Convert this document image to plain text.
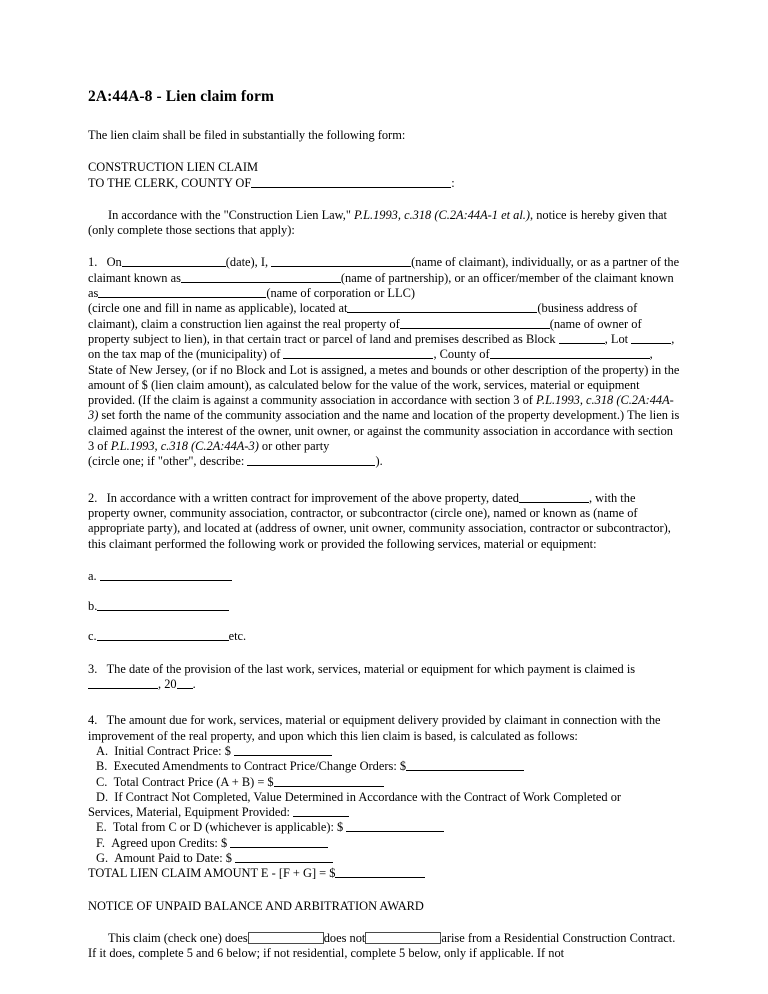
2A:44A-8 - Lien claim form

The lien claim shall be filed in substantially the following form:

CONSTRUCTION LIEN CLAIM

TO THE CLERK, COUNTY OF	:

In accordance with the "Construction Lien Law," P.L.1993, c.318 (C.2A:44A-1 et al.), notice is hereby given that (only complete those sections that apply):

1. On	(date), I,	(name of claimant), individually, or as a partner of the claimant known as	(name of partnership), or an officer/member of the claimant known as	(name of corporation or LLC)
(circle one and fill in name as applicable), located at	(business address of claimant), claim a construction lien against the real property of	(name of owner of property subject to lien), in that certain tract or parcel of land and premises described as Block	, Lot	, on the tax map of the (municipality) of	, County of	, State of New Jersey, (or if no Block and Lot is assigned, a metes and bounds or other description of the property) in the amount of $ (lien claim amount), as calculated below for the value of the work, services, material or equipment provided. (If the claim is against a community association in accordance with section 3 of P.L.1993, c.318 (C.2A:44A-3) set forth the name of the community association and the name and location of the property development.) The lien is claimed against the interest of the owner, unit owner, or against the community association in accordance with section 3 of P.L.1993, c.318 (C.2A:44A-3) or other party
(circle one; if "other", describe:	).

2. In accordance with a written contract for improvement of the above property, dated	, with the property owner, community association, contractor, or subcontractor (circle one), named or known as (name of appropriate party), and located at (address of owner, unit owner, community association, contractor or subcontractor), this claimant performed the following work or provided the following services, material or equipment:

a.

b.

c.	etc.

3. The date of the provision of the last work, services, material or equipment for which payment is claimed is
, 20 .

4. The amount due for work, services, material or equipment delivery provided by claimant in connection with the improvement of the real property, and upon which this lien claim is based, is calculated as follows:

A. Initial Contract Price: $

B. Executed Amendments to Contract Price/Change Orders: $

C. Total Contract Price (A + B) = $

D. If Contract Not Completed, Value Determined in Accordance with the Contract of Work Completed or

Services, Material, Equipment Provided:

E. Total from C or D (whichever is applicable): $

F. Agreed upon Credits: $

G. Amount Paid to Date: $

TOTAL LIEN CLAIM AMOUNT E - [F + G] = $

NOTICE OF UNPAID BALANCE AND ARBITRATION AWARD

This claim (check one) does	does not	arise from a Residential Construction Contract. If it does, complete 5 and 6 below; if not residential, complete 5 below, only if applicable. If not
